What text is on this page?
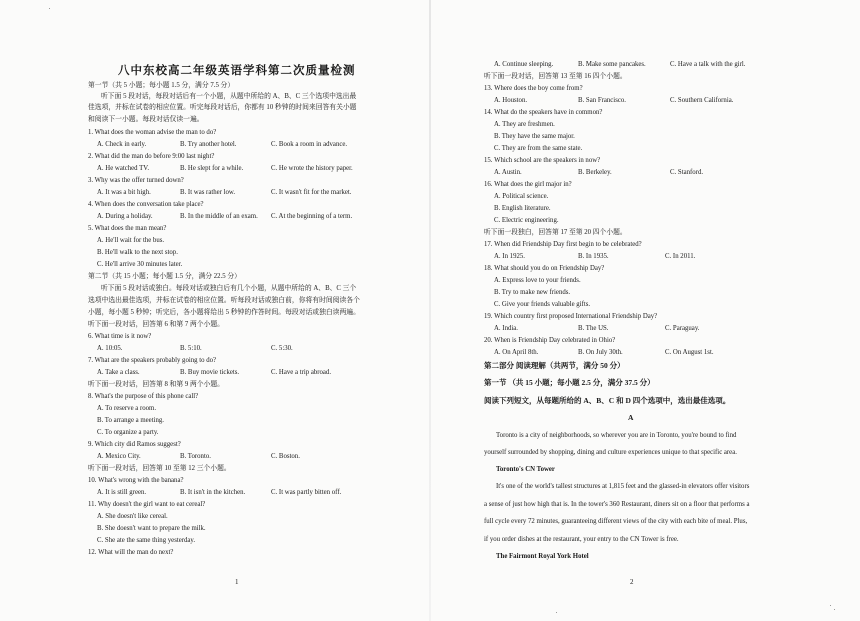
八中东校高二年级英语学科第二次质量检测
第一节（共 5 小题；每小题 1.5 分，满分 7.5 分）
听下面 5 段对话，每段对话后有一个小题，从题中所给的 A、B、C 三个选项中选出最
佳选项，并标在试卷的相应位置。听完每段对话后，你都有 10 秒钟的时间来回答有关小题
和阅读下一小题。每段对话仅读一遍。
1. What does the woman advise the man to do?
A. Check in early.	B. Try another hotel.	C. Book a room in advance.
2. What did the man do before 9:00 last night?
A. He watched TV.	B. He slept for a while.	C. He wrote the history paper.
3. Why was the offer turned down?
A. It was a bit high.	B. It was rather low.	C. It wasn't fit for the market.
4. When does the conversation take place?
A. During a holiday.	B. In the middle of an exam. C. At the beginning of a term.
5. What does the man mean?
A. He'll wait for the bus.
B. He'll walk to the next stop.
C. He'll arrive 30 minutes later.
第二节（共 15 小题；每小题 1.5 分，满分 22.5 分）
听下面 5 段对话或独白。每段对话或独白后有几个小题，从题中所给的 A、B、C 三个
选项中选出最佳选项，并标在试卷的相应位置。听每段对话或独白前，你将有时间阅读各个
小题，每小题 5 秒钟；听完后，各小题将给出 5 秒钟的作答时间。每段对话或独白读两遍。
听下面一段对话，回答第 6 和第 7 两个小题。
6. What time is it now?
A. 10:05.	B. 5:10.	C. 5:30.
7. What are the speakers probably going to do?
A. Take a class.	B. Buy movie tickets.	C. Have a trip abroad.
听下面一段对话，回答第 8 和第 9 两个小题。
8. What's the purpose of this phone call?
A. To reserve a room.
B. To arrange a meeting.
C. To organize a party.
9. Which city did Ramos suggest?
A. Mexico City.	B. Toronto.	C. Boston.
听下面一段对话，回答第 10 至第 12 三个小题。
10. What's wrong with the banana?
A. It is still green.	B. It isn't in the kitchen.	C. It was partly bitten off.
11. Why doesn't the girl want to eat cereal?
A. She doesn't like cereal.
B. She doesn't want to prepare the milk.
C. She ate the same thing yesterday.
12. What will the man do next?
1
A. Continue sleeping.	B. Make some pancakes.	C. Have a talk with the girl.
听下面一段对话，回答第 13 至第 16 四个小题。
13. Where does the boy come from?
A. Houston.	B. San Francisco.	C. Southern California.
14. What do the speakers have in common?
A. They are freshmen.
B. They have the same major.
C. They are from the same state.
15. Which school are the speakers in now?
A. Austin.	B. Berkeley.	C. Stanford.
16. What does the girl major in?
A. Political science.
B. English literature.
C. Electric engineering.
听下面一段独白，回答第 17 至第 20 四个小题。
17. When did Friendship Day first begin to be celebrated?
A. In 1925.	B. In 1935.	C. In 2011.
18. What should you do on Friendship Day?
A. Express love to your friends.
B. Try to make new friends.
C. Give your friends valuable gifts.
19. Which country first proposed International Friendship Day?
A. India.	B. The US.	C. Paraguay.
20. When is Friendship Day celebrated in Ohio?
A. On April 8th.	B. On July 30th.	C. On August 1st.
第二部分 阅读理解（共两节，满分 50 分）
第一节 （共 15 小题；每小题 2.5 分，满分 37.5 分）
阅读下列短文，从每题所给的 A、B、C 和 D 四个选项中，选出最佳选项。
A
Toronto is a city of neighborhoods, so wherever you are in Toronto, you're bound to find
yourself surrounded by shopping, dining and culture experiences unique to that specific area.
Toronto's CN Tower
It's one of the world's tallest structures at 1,815 feet and the glassed-in elevators offer visitors
a sense of just how high that is. In the tower's 360 Restaurant, diners sit on a floor that performs a
full cycle every 72 minutes, guaranteeing different views of the city with each bite of meal. Plus,
if you order dishes at the restaurant, your entry to the CN Tower is free.
The Fairmont Royal York Hotel
2
